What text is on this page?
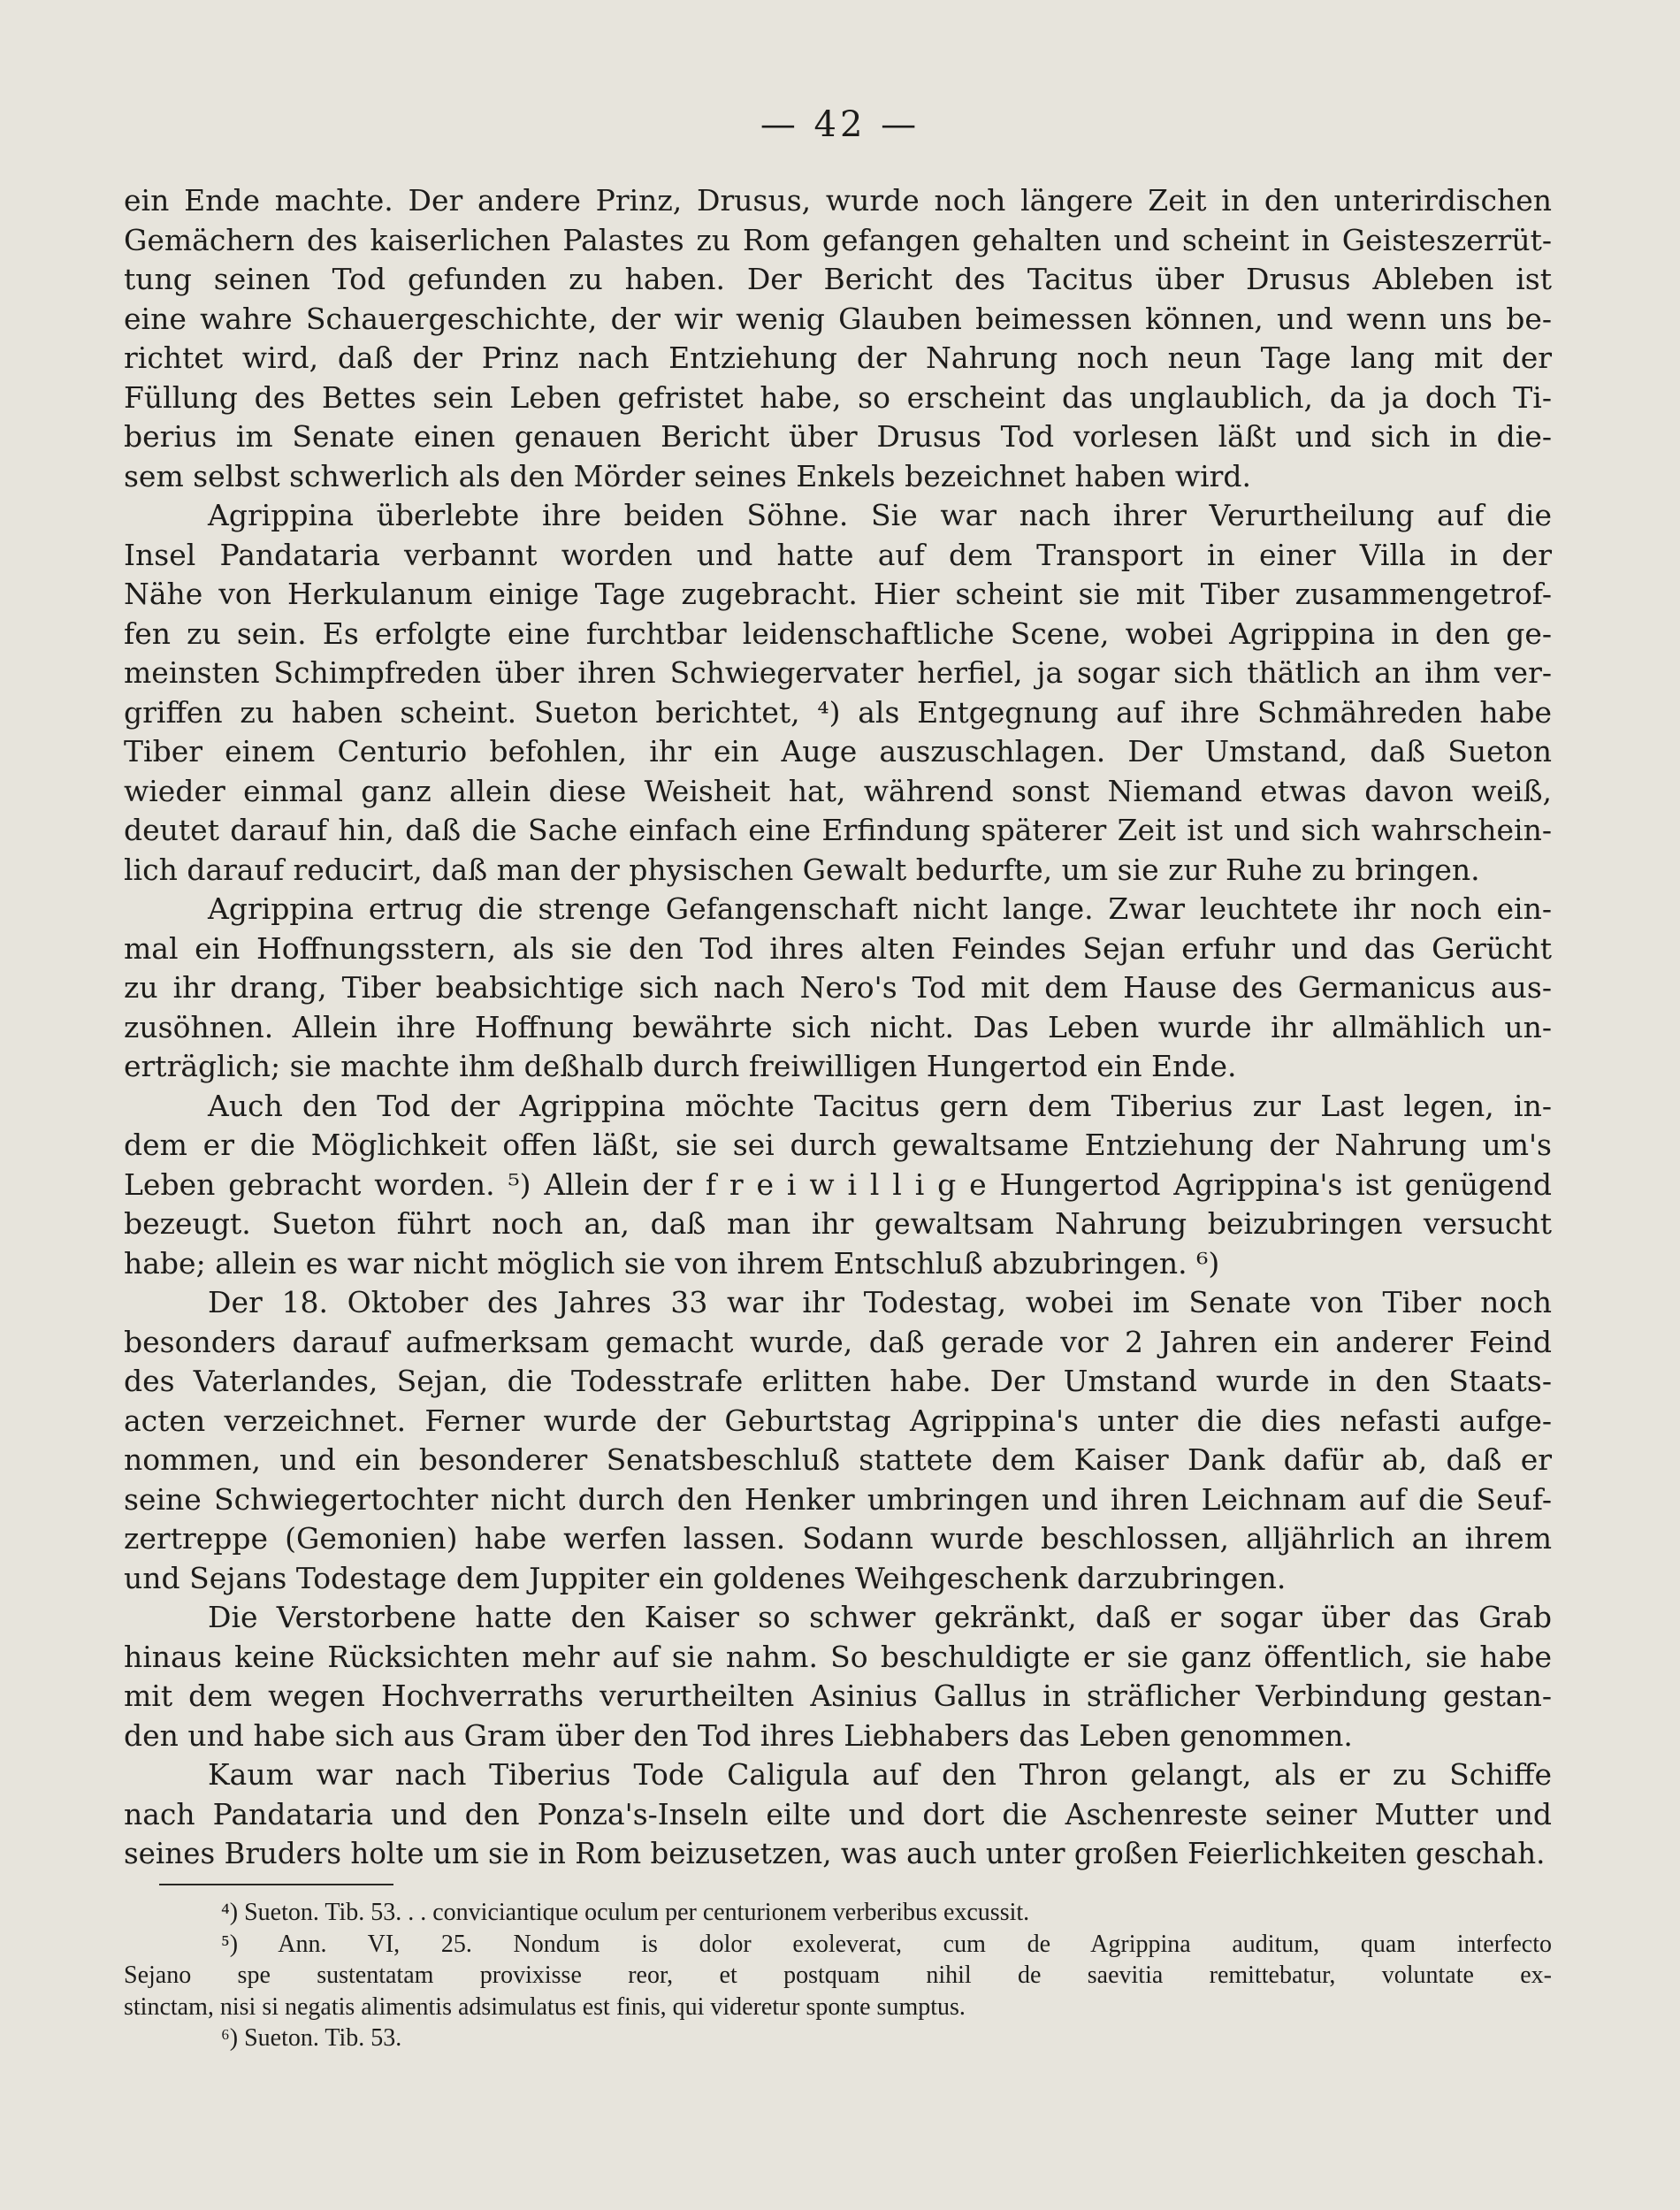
— 42 —
ein Ende machte. Der andere Prinz, Drusus, wurde noch längere Zeit in den unterirdischen
Gemächern des kaiserlichen Palastes zu Rom gefangen gehalten und scheint in Geisteszerrüt-
tung seinen Tod gefunden zu haben. Der Bericht des Tacitus über Drusus Ableben ist
eine wahre Schauergeschichte, der wir wenig Glauben beimessen können, und wenn uns be-
richtet wird, daß der Prinz nach Entziehung der Nahrung noch neun Tage lang mit der
Füllung des Bettes sein Leben gefristet habe, so erscheint das unglaublich, da ja doch Ti-
berius im Senate einen genauen Bericht über Drusus Tod vorlesen läßt und sich in die-
sem selbst schwerlich als den Mörder seines Enkels bezeichnet haben wird.
Agrippina überlebte ihre beiden Söhne. Sie war nach ihrer Verurtheilung auf die
Insel Pandataria verbannt worden und hatte auf dem Transport in einer Villa in der
Nähe von Herkulanum einige Tage zugebracht. Hier scheint sie mit Tiber zusammengetrof-
fen zu sein. Es erfolgte eine furchtbar leidenschaftliche Scene, wobei Agrippina in den ge-
meinsten Schimpfreden über ihren Schwiegervater herfiel, ja sogar sich thätlich an ihm ver-
griffen zu haben scheint. Sueton berichtet, ⁴) als Entgegnung auf ihre Schmähreden habe
Tiber einem Centurio befohlen, ihr ein Auge auszuschlagen. Der Umstand, daß Sueton
wieder einmal ganz allein diese Weisheit hat, während sonst Niemand etwas davon weiß,
deutet darauf hin, daß die Sache einfach eine Erfindung späterer Zeit ist und sich wahrschein-
lich darauf reducirt, daß man der physischen Gewalt bedurfte, um sie zur Ruhe zu bringen.
Agrippina ertrug die strenge Gefangenschaft nicht lange. Zwar leuchtete ihr noch ein-
mal ein Hoffnungsstern, als sie den Tod ihres alten Feindes Sejan erfuhr und das Gerücht
zu ihr drang, Tiber beabsichtige sich nach Nero's Tod mit dem Hause des Germanicus aus-
zusöhnen. Allein ihre Hoffnung bewährte sich nicht. Das Leben wurde ihr allmählich un-
erträglich; sie machte ihm deßhalb durch freiwilligen Hungertod ein Ende.
Auch den Tod der Agrippina möchte Tacitus gern dem Tiberius zur Last legen, in-
dem er die Möglichkeit offen läßt, sie sei durch gewaltsame Entziehung der Nahrung um's
Leben gebracht worden. ⁵) Allein der f r e i w i l l i g e Hungertod Agrippina's ist genügend
bezeugt. Sueton führt noch an, daß man ihr gewaltsam Nahrung beizubringen versucht
habe; allein es war nicht möglich sie von ihrem Entschluß abzubringen. ⁶)
Der 18. Oktober des Jahres 33 war ihr Todestag, wobei im Senate von Tiber noch
besonders darauf aufmerksam gemacht wurde, daß gerade vor 2 Jahren ein anderer Feind
des Vaterlandes, Sejan, die Todesstrafe erlitten habe. Der Umstand wurde in den Staats-
acten verzeichnet. Ferner wurde der Geburtstag Agrippina's unter die dies nefasti aufge-
nommen, und ein besonderer Senatsbeschluß stattete dem Kaiser Dank dafür ab, daß er
seine Schwiegertochter nicht durch den Henker umbringen und ihren Leichnam auf die Seuf-
zertreppe (Gemonien) habe werfen lassen. Sodann wurde beschlossen, alljährlich an ihrem
und Sejans Todestage dem Juppiter ein goldenes Weihgeschenk darzubringen.
Die Verstorbene hatte den Kaiser so schwer gekränkt, daß er sogar über das Grab
hinaus keine Rücksichten mehr auf sie nahm. So beschuldigte er sie ganz öffentlich, sie habe
mit dem wegen Hochverraths verurtheilten Asinius Gallus in sträflicher Verbindung gestan-
den und habe sich aus Gram über den Tod ihres Liebhabers das Leben genommen.
Kaum war nach Tiberius Tode Caligula auf den Thron gelangt, als er zu Schiffe
nach Pandataria und den Ponza's-Inseln eilte und dort die Aschenreste seiner Mutter und
seines Bruders holte um sie in Rom beizusetzen, was auch unter großen Feierlichkeiten geschah.
⁴) Sueton. Tib. 53. . . conviciantique oculum per centurionem verberibus excussit.
⁵) Ann. VI, 25. Nondum is dolor exoleverat, cum de Agrippina auditum, quam interfecto
Sejano spe sustentatam provixisse reor, et postquam nihil de saevitia remittebatur, voluntate ex-
stinctam, nisi si negatis alimentis adsimulatus est finis, qui videretur sponte sumptus.
⁶) Sueton. Tib. 53.
